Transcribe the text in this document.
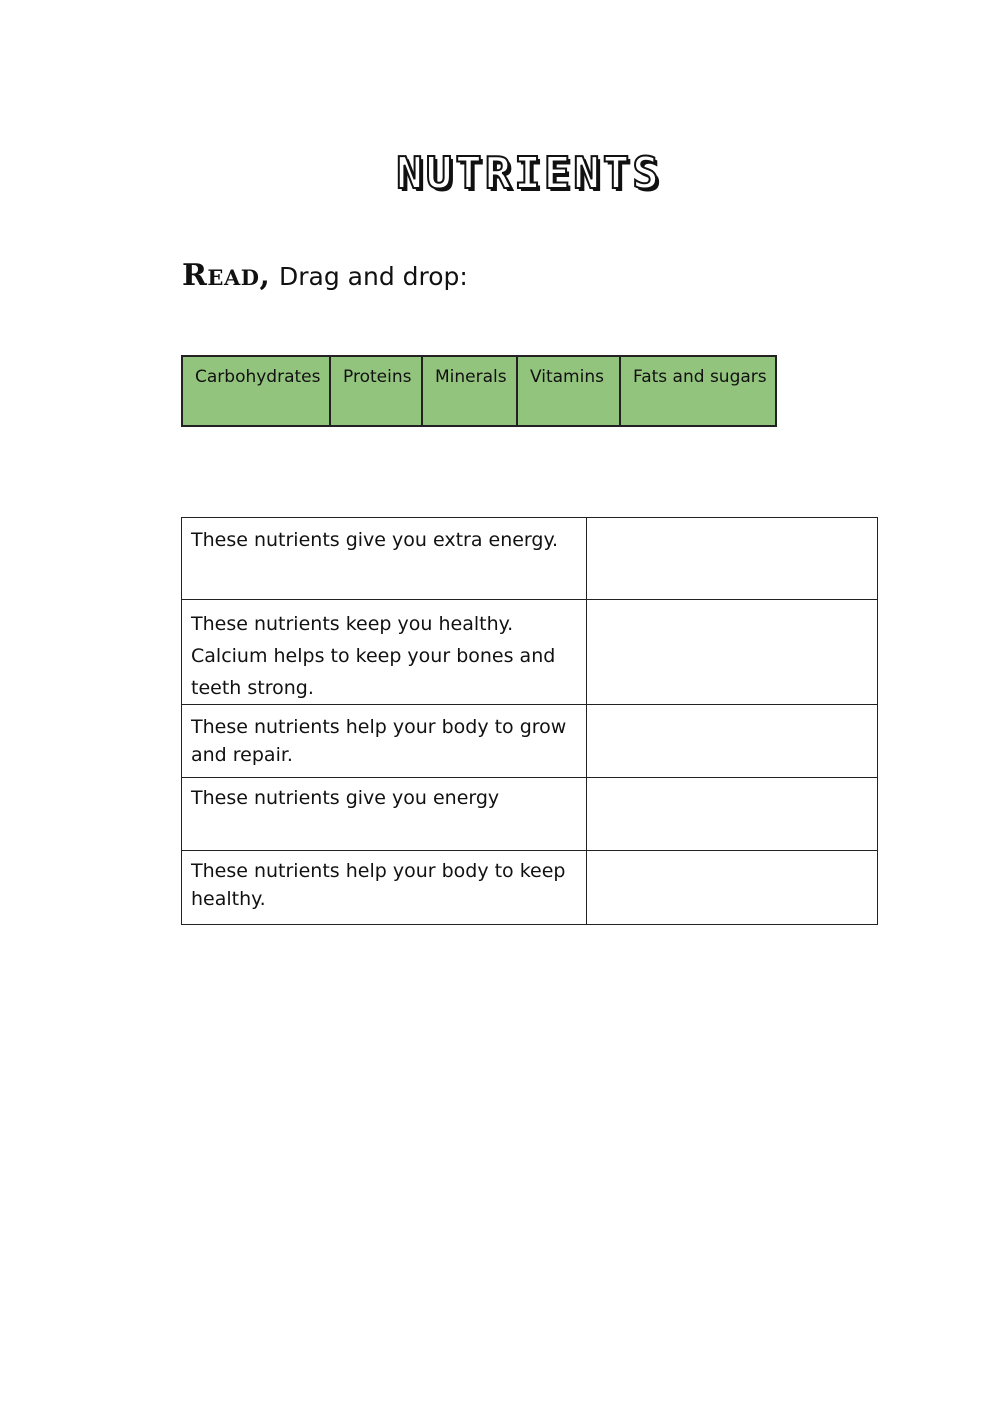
NUTRIENTS
Read, Drag and drop:
Carbohydrates	Proteins	Minerals	Vitamins	Fats and sugars
These nutrients give you extra energy.	
These nutrients keep you healthy. Calcium helps to keep your bones and teeth strong.	
These nutrients help your body to grow and repair.	
These nutrients give you energy	
These nutrients help your body to keep healthy.	
